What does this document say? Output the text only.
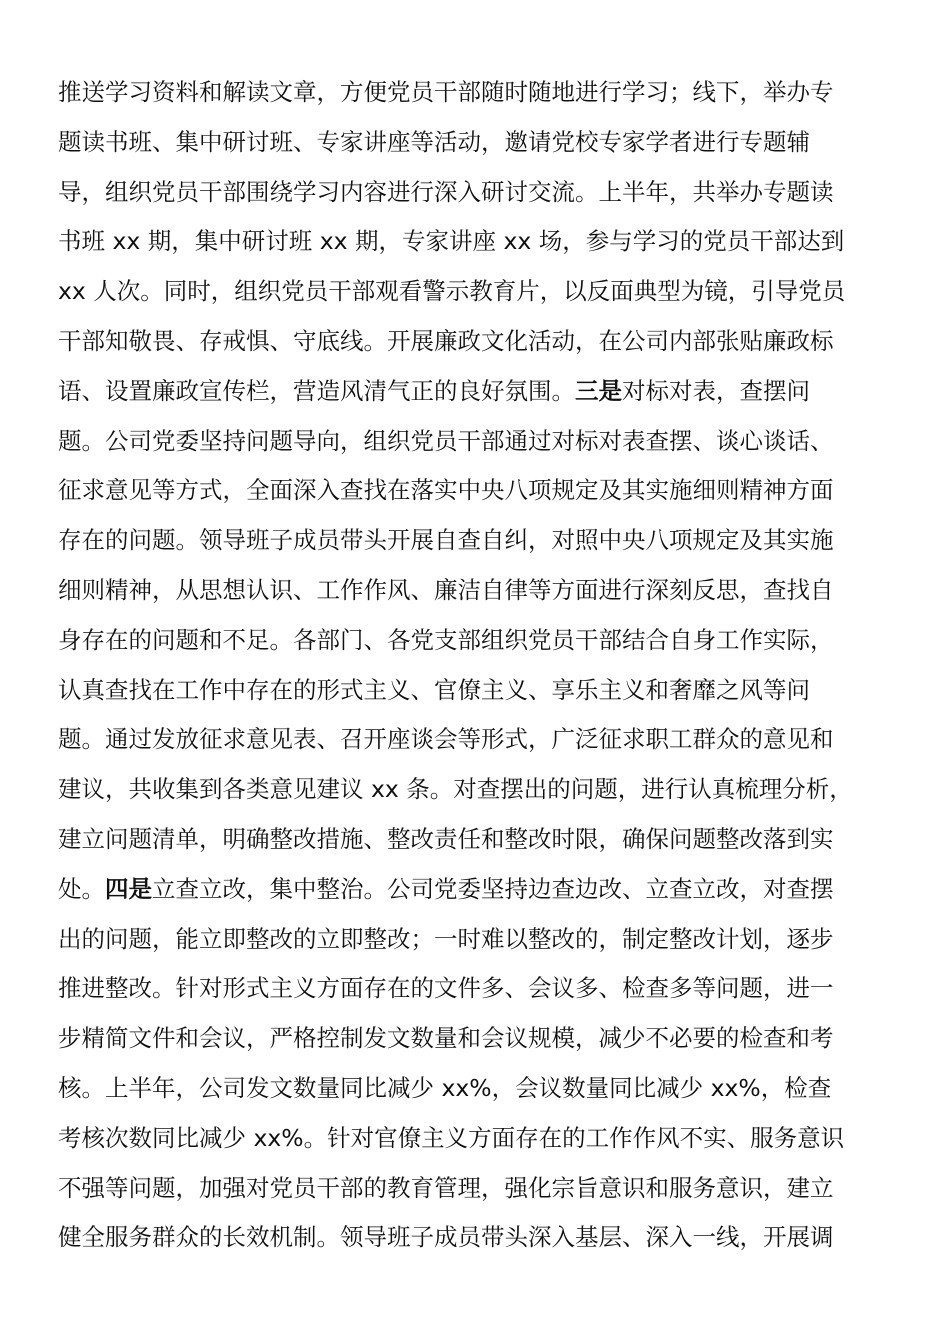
推送学习资料和解读文章，方便党员干部随时随地进行学习；线下，举办专
题读书班、集中研讨班、专家讲座等活动，邀请党校专家学者进行专题辅
导，组织党员干部围绕学习内容进行深入研讨交流。上半年，共举办专题读
书班 xx 期，集中研讨班 xx 期，专家讲座 xx 场，参与学习的党员干部达到
xx 人次。同时，组织党员干部观看警示教育片，以反面典型为镜，引导党员
干部知敬畏、存戒惧、守底线。开展廉政文化活动，在公司内部张贴廉政标
语、设置廉政宣传栏，营造风清气正的良好氛围。三是对标对表，查摆问
题。公司党委坚持问题导向，组织党员干部通过对标对表查摆、谈心谈话、
征求意见等方式，全面深入查找在落实中央八项规定及其实施细则精神方面
存在的问题。领导班子成员带头开展自查自纠，对照中央八项规定及其实施
细则精神，从思想认识、工作作风、廉洁自律等方面进行深刻反思，查找自
身存在的问题和不足。各部门、各党支部组织党员干部结合自身工作实际，
认真查找在工作中存在的形式主义、官僚主义、享乐主义和奢靡之风等问
题。通过发放征求意见表、召开座谈会等形式，广泛征求职工群众的意见和
建议，共收集到各类意见建议 xx 条。对查摆出的问题，进行认真梳理分析，
建立问题清单，明确整改措施、整改责任和整改时限，确保问题整改落到实
处。四是立查立改，集中整治。公司党委坚持边查边改、立查立改，对查摆
出的问题，能立即整改的立即整改；一时难以整改的，制定整改计划，逐步
推进整改。针对形式主义方面存在的文件多、会议多、检查多等问题，进一
步精简文件和会议，严格控制发文数量和会议规模，减少不必要的检查和考
核。上半年，公司发文数量同比减少 xx%，会议数量同比减少 xx%，检查
考核次数同比减少 xx%。针对官僚主义方面存在的工作作风不实、服务意识
不强等问题，加强对党员干部的教育管理，强化宗旨意识和服务意识，建立
健全服务群众的长效机制。领导班子成员带头深入基层、深入一线，开展调
